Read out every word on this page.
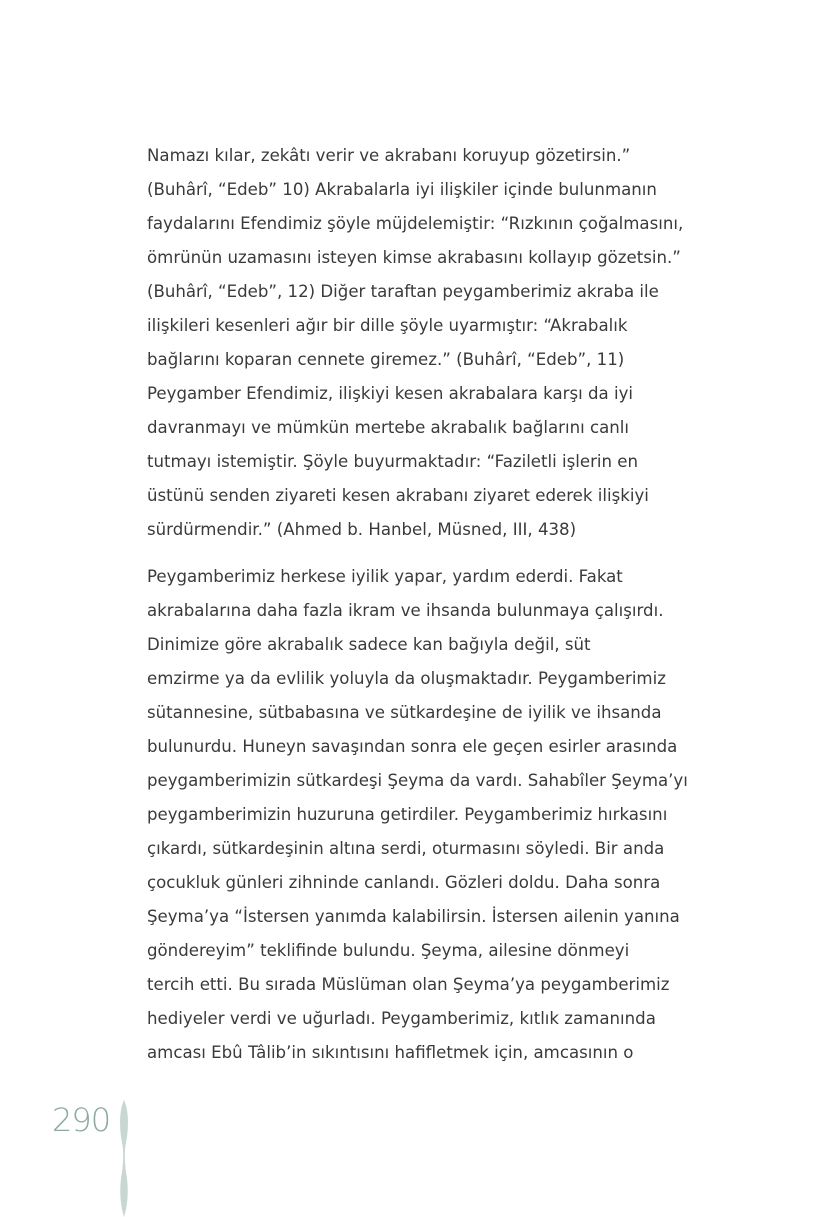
Namazı kılar, zekâtı verir ve akrabanı koruyup gözetirsin.”
(Buhârî, “Edeb” 10) Akrabalarla iyi ilişkiler içinde bulunmanın
faydalarını Efendimiz şöyle müjdelemiştir: “Rızkının çoğalmasını,
ömrünün uzamasını isteyen kimse akrabasını kollayıp gözetsin.”
(Buhârî, “Edeb”, 12) Diğer taraftan peygamberimiz akraba ile
ilişkileri kesenleri ağır bir dille şöyle uyarmıştır: “Akrabalık
bağlarını koparan cennete giremez.” (Buhârî, “Edeb”, 11)
Peygamber Efendimiz, ilişkiyi kesen akrabalara karşı da iyi
davranmayı ve mümkün mertebe akrabalık bağlarını canlı
tutmayı istemiştir. Şöyle buyurmaktadır: “Faziletli işlerin en
üstünü senden ziyareti kesen akrabanı ziyaret ederek ilişkiyi
sürdürmendir.” (Ahmed b. Hanbel, Müsned, III, 438)
Peygamberimiz herkese iyilik yapar, yardım ederdi. Fakat
akrabalarına daha fazla ikram ve ihsanda bulunmaya çalışırdı.
Dinimize göre akrabalık sadece kan bağıyla değil, süt
emzirme ya da evlilik yoluyla da oluşmaktadır. Peygamberimiz
sütannesine, sütbabasına ve sütkardeşine de iyilik ve ihsanda
bulunurdu. Huneyn savaşından sonra ele geçen esirler arasında
peygamberimizin sütkardeşi Şeyma da vardı. Sahabîler Şeyma’yı
peygamberimizin huzuruna getirdiler. Peygamberimiz hırkasını
çıkardı, sütkardeşinin altına serdi, oturmasını söyledi. Bir anda
çocukluk günleri zihninde canlandı. Gözleri doldu. Daha sonra
Şeyma’ya “İstersen yanımda kalabilirsin. İstersen ailenin yanına
göndereyim” teklifinde bulundu. Şeyma, ailesine dönmeyi
tercih etti. Bu sırada Müslüman olan Şeyma’ya peygamberimiz
hediyeler verdi ve uğurladı. Peygamberimiz, kıtlık zamanında
amcası Ebû Tâlib’in sıkıntısını hafifletmek için, amcasının o
290
